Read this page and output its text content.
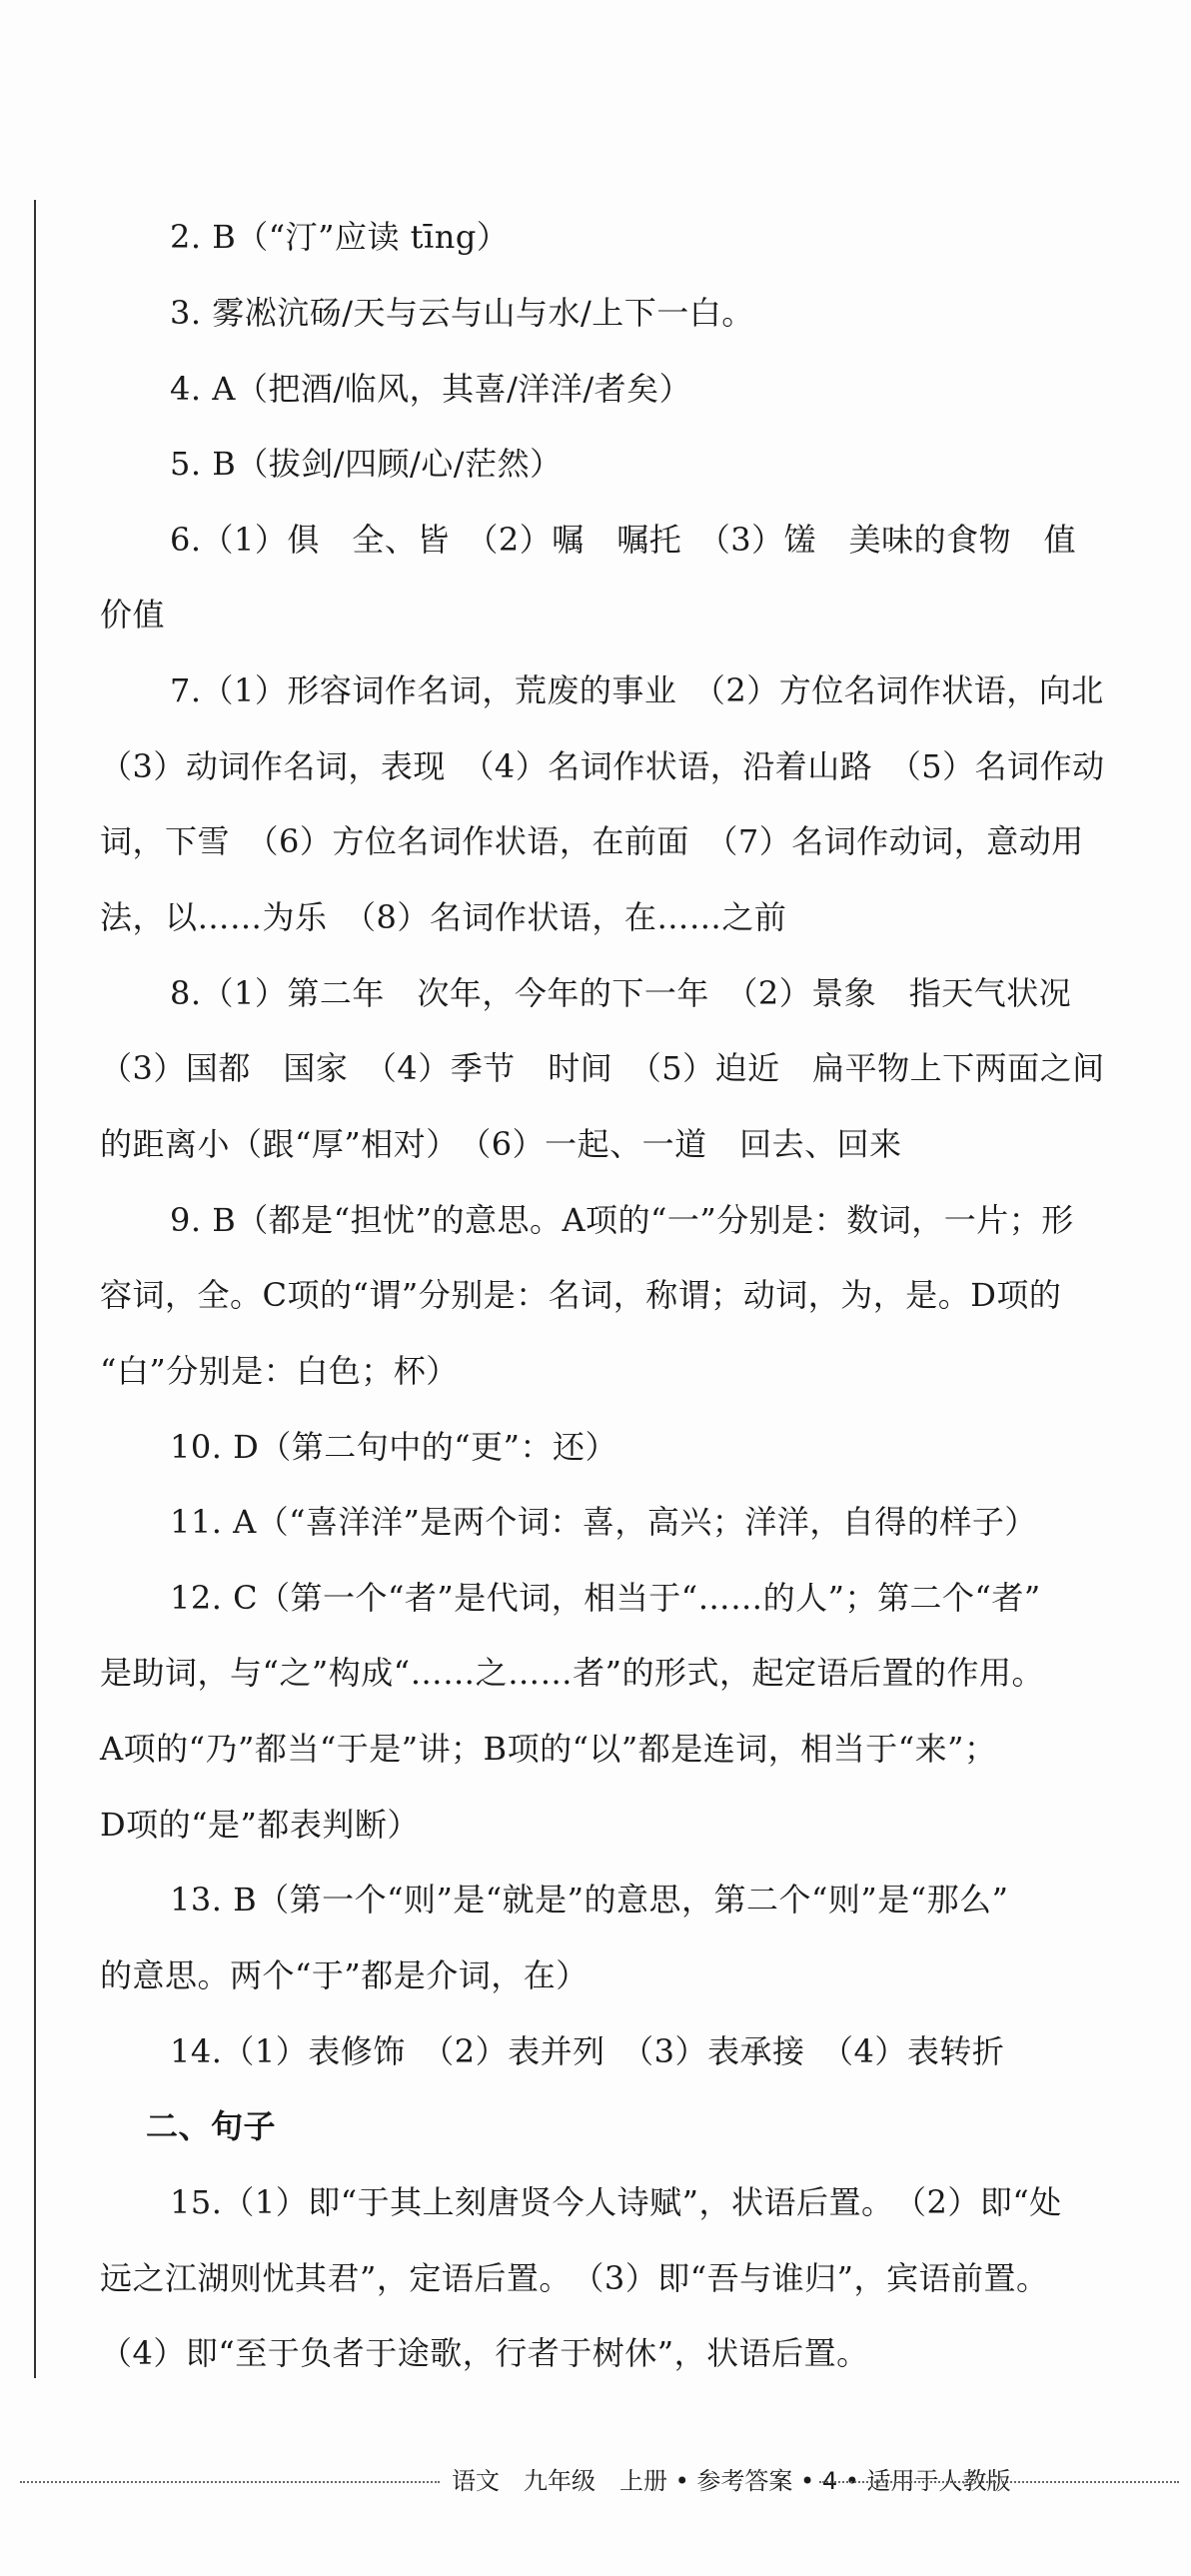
2. B（“汀”应读 tīng）
3. 雾凇沆砀/天与云与山与水/上下一白。
4. A（把酒/临风，其喜/洋洋/者矣）
5. B（拔剑/四顾/心/茫然）
6.（1）俱　全、皆　（2）嘱　嘱托　（3）馐　美味的食物　值
价值
7.（1）形容词作名词，荒废的事业　（2）方位名词作状语，向北
（3）动词作名词，表现　（4）名词作状语，沿着山路　（5）名词作动
词，下雪　（6）方位名词作状语，在前面　（7）名词作动词，意动用
法，以……为乐　（8）名词作状语，在……之前
8.（1）第二年　次年，今年的下一年　（2）景象　指天气状况
（3）国都　国家　（4）季节　时间　（5）迫近　扁平物上下两面之间
的距离小（跟“厚”相对）　（6）一起、一道　回去、回来
9. B（都是“担忧”的意思。A项的“一”分别是：数词，一片；形
容词，全。C项的“谓”分别是：名词，称谓；动词，为，是。D项的
“白”分别是：白色；杯）
10. D（第二句中的“更”：还）
11. A（“喜洋洋”是两个词：喜，高兴；洋洋，自得的样子）
12. C（第一个“者”是代词，相当于“……的人”；第二个“者”
是助词，与“之”构成“……之……者”的形式，起定语后置的作用。
A项的“乃”都当“于是”讲；B项的“以”都是连词，相当于“来”；
D项的“是”都表判断）
13. B（第一个“则”是“就是”的意思，第二个“则”是“那么”
的意思。两个“于”都是介词，在）
14.（1）表修饰　（2）表并列　（3）表承接　（4）表转折
二、句子
15.（1）即“于其上刻唐贤今人诗赋”，状语后置。　（2）即“处
远之江湖则忧其君”，定语后置。　（3）即“吾与谁归”，宾语前置。
（4）即“至于负者于途歌，行者于树休”，状语后置。
语文　九年级　上册 • 参考答案 • 4 • 适用于人教版
